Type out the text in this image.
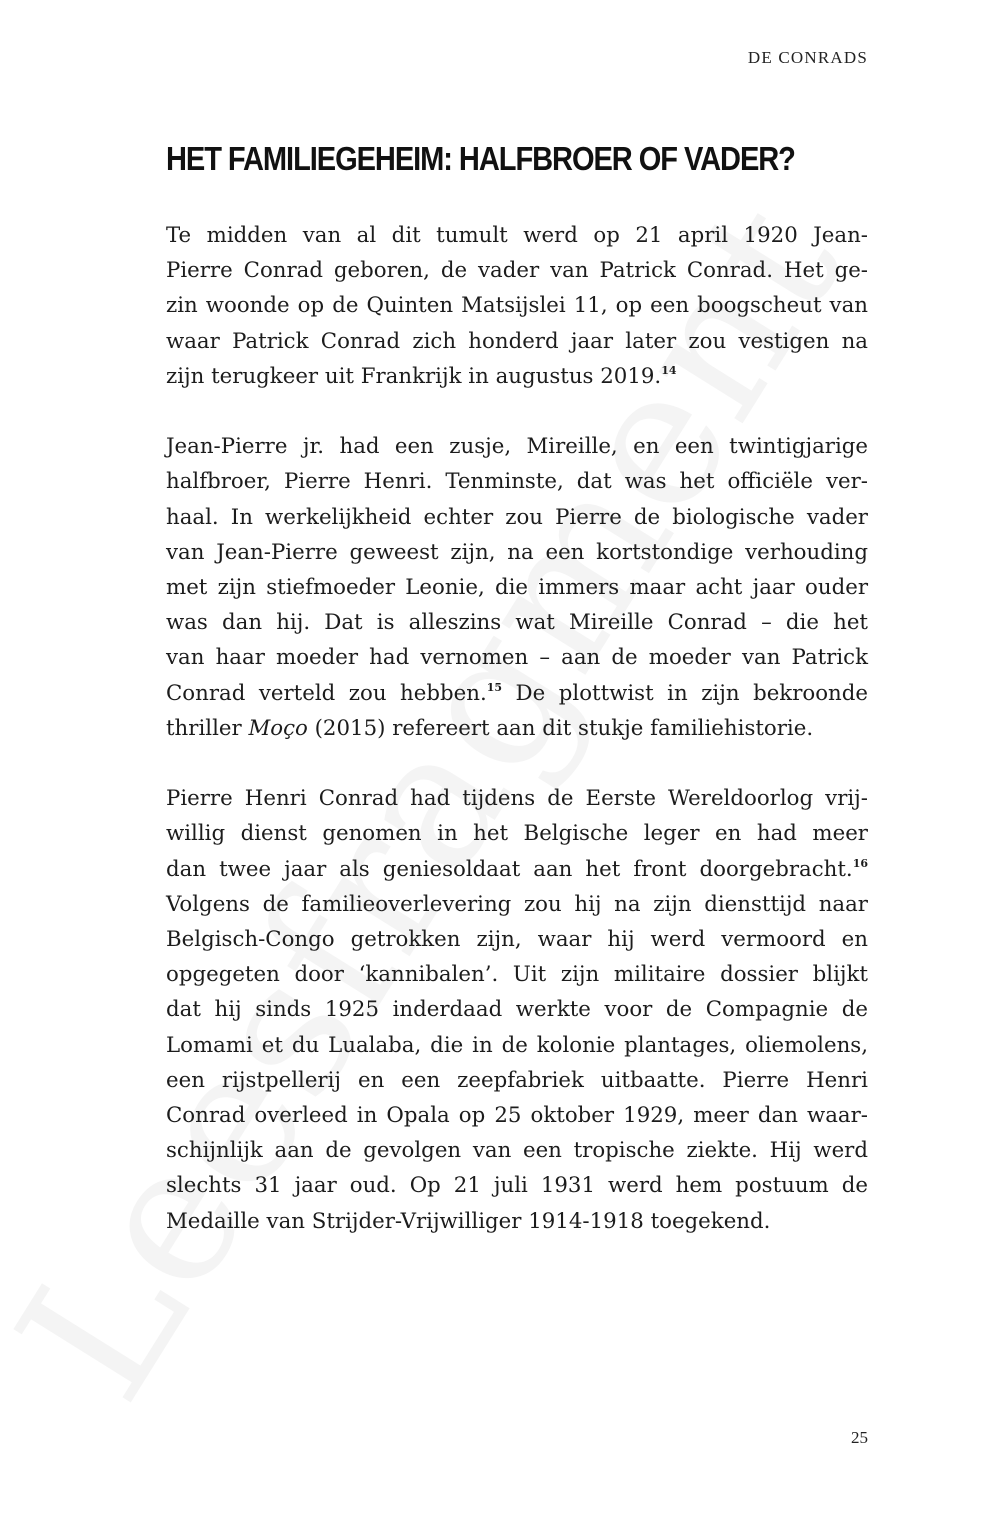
DE CONRADS
HET FAMILIEGEHEIM: HALFBROER OF VADER?

Te midden van al dit tumult werd op 21 april 1920 Jean-
Pierre Conrad geboren, de vader van Patrick Conrad. Het ge-
zin woonde op de Quinten Matsijslei 11, op een boogscheut van
waar Patrick Conrad zich honderd jaar later zou vestigen na
zijn terugkeer uit Frankrijk in augustus 2019.14

Jean-Pierre jr. had een zusje, Mireille, en een twintigjarige
halfbroer, Pierre Henri. Tenminste, dat was het officiële ver-
haal. In werkelijkheid echter zou Pierre de biologische vader
van Jean-Pierre geweest zijn, na een kortstondige verhouding
met zijn stiefmoeder Leonie, die immers maar acht jaar ouder
was dan hij. Dat is alleszins wat Mireille Conrad – die het
van haar moeder had vernomen – aan de moeder van Patrick
Conrad verteld zou hebben.$^{15}$ De plottwist in zijn bekroonde
thriller Moço (2015) refereert aan dit stukje familiehistorie.

Pierre Henri Conrad had tijdens de Eerste Wereldoorlog vrij-
willig dienst genomen in het Belgische leger en had meer
dan twee jaar als geniesoldaat aan het front doorgebracht.$^{16}$
Volgens de familieoverlevering zou hij na zijn diensttijd naar
Belgisch-Congo getrokken zijn, waar hij werd vermoord en
opgegeten door ‘kannibalen’. Uit zijn militaire dossier blijkt
dat hij sinds 1925 inderdaad werkte voor de Compagnie de
Lomami et du Lualaba, die in de kolonie plantages, oliemolens,
een rijstpellerij en een zeepfabriek uitbaatte. Pierre Henri
Conrad overleed in Opala op 25 oktober 1929, meer dan waar-
schijnlijk aan de gevolgen van een tropische ziekte. Hij werd
slechts 31 jaar oud. Op 21 juli 1931 werd hem postuum de
Medaille van Strijder-Vrijwilliger 1914-1918 toegekend.

25
